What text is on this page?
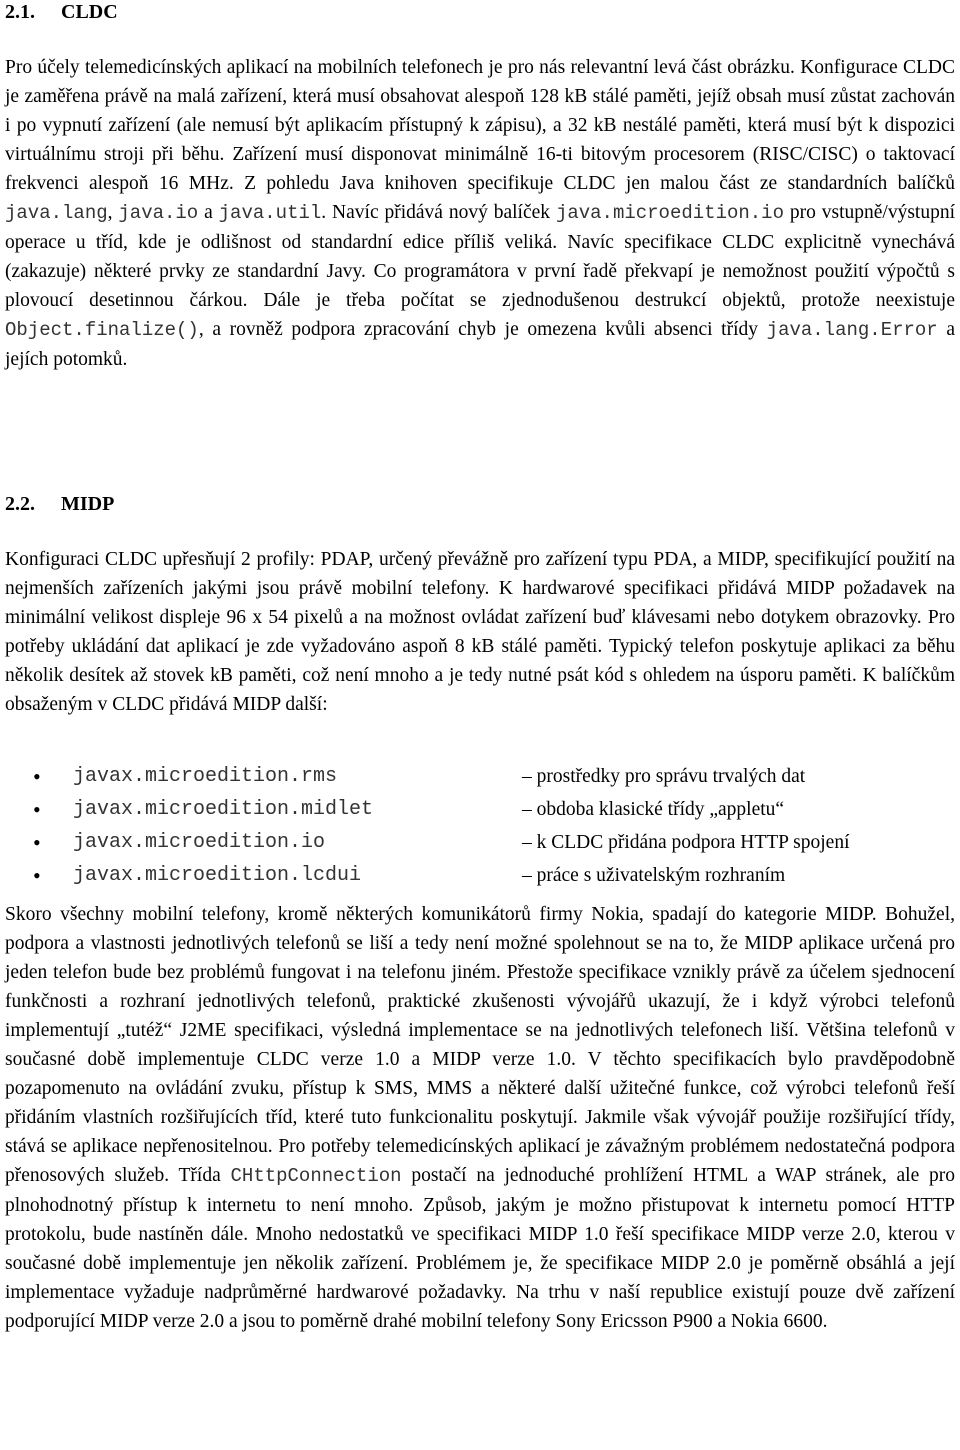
2.1. CLDC

Pro účely telemedicínských aplikací na mobilních telefonech je pro nás relevantní levá část obrázku. Konfigurace CLDC je zaměřena právě na malá zařízení, která musí obsahovat alespoň 128 kB stálé paměti, jejíž obsah musí zůstat zachován i po vypnutí zařízení (ale nemusí být aplikacím přístupný k zápisu), a 32 kB nestálé paměti, která musí být k dispozici virtuálnímu stroji při běhu. Zařízení musí disponovat minimálně 16-ti bitovým procesorem (RISC/CISC) o taktovací frekvenci alespoň 16 MHz. Z pohledu Java knihoven specifikuje CLDC jen malou část ze standardních balíčků java.lang, java.io a java.util. Navíc přidává nový balíček java.microedition.io pro vstupně/výstupní operace u tříd, kde je odlišnost od standardní edice příliš veliká. Navíc specifikace CLDC explicitně vynechává (zakazuje) některé prvky ze standardní Javy. Co programátora v první řadě překvapí je nemožnost použití výpočtů s plovoucí desetinnou čárkou. Dále je třeba počítat se zjednodušenou destrukcí objektů, protože neexistuje Object.finalize(), a rovněž podpora zpracování chyb je omezena kvůli absenci třídy java.lang.Error a jejích potomků.

2.2. MIDP

Konfiguraci CLDC upřesňují 2 profily: PDAP, určený převážně pro zařízení typu PDA, a MIDP, specifikující použití na nejmenších zařízeních jakými jsou právě mobilní telefony. K hardwarové specifikaci přidává MIDP požadavek na minimální velikost displeje 96 x 54 pixelů a na možnost ovládat zařízení buď klávesami nebo dotykem obrazovky. Pro potřeby ukládání dat aplikací je zde vyžadováno aspoň 8 kB stálé paměti. Typický telefon poskytuje aplikaci za běhu několik desítek až stovek kB paměti, což není mnoho a je tedy nutné psát kód s ohledem na úsporu paměti. K balíčkům obsaženým v CLDC přidává MIDP další:

• javax.microedition.rms	– prostředky pro správu trvalých dat
• javax.microedition.midlet	– obdoba klasické třídy „appletu“
• javax.microedition.io	– k CLDC přidána podpora HTTP spojení
• javax.microedition.lcdui	– práce s uživatelským rozhraním

Skoro všechny mobilní telefony, kromě některých komunikátorů firmy Nokia, spadají do kategorie MIDP. Bohužel, podpora a vlastnosti jednotlivých telefonů se liší a tedy není možné spolehnout se na to, že MIDP aplikace určená pro jeden telefon bude bez problémů fungovat i na telefonu jiném. Přestože specifikace vznikly právě za účelem sjednocení funkčnosti a rozhraní jednotlivých telefonů, praktické zkušenosti vývojářů ukazují, že i když výrobci telefonů implementují „tutéž“ J2ME specifikaci, výsledná implementace se na jednotlivých telefonech liší. Většina telefonů v současné době implementuje CLDC verze 1.0 a MIDP verze 1.0. V těchto specifikacích bylo pravděpodobně pozapomenuto na ovládání zvuku, přístup k SMS, MMS a některé další užitečné funkce, což výrobci telefonů řeší přidáním vlastních rozšiřujících tříd, které tuto funkcionalitu poskytují. Jakmile však vývojář použije rozšiřující třídy, stává se aplikace nepřenositelnou. Pro potřeby telemedicínských aplikací je závažným problémem nedostatečná podpora přenosových služeb. Třída CHttpConnection postačí na jednoduché prohlížení HTML a WAP stránek, ale pro plnohodnotný přístup k internetu to není mnoho. Způsob, jakým je možno přistupovat k internetu pomocí HTTP protokolu, bude nastíněn dále. Mnoho nedostatků ve specifikaci MIDP 1.0 řeší specifikace MIDP verze 2.0, kterou v současné době implementuje jen několik zařízení. Problémem je, že specifikace MIDP 2.0 je poměrně obsáhlá a její implementace vyžaduje nadprůměrné hardwarové požadavky. Na trhu v naší republice existují pouze dvě zařízení podporující MIDP verze 2.0 a jsou to poměrně drahé mobilní telefony Sony Ericsson P900 a Nokia 6600.
